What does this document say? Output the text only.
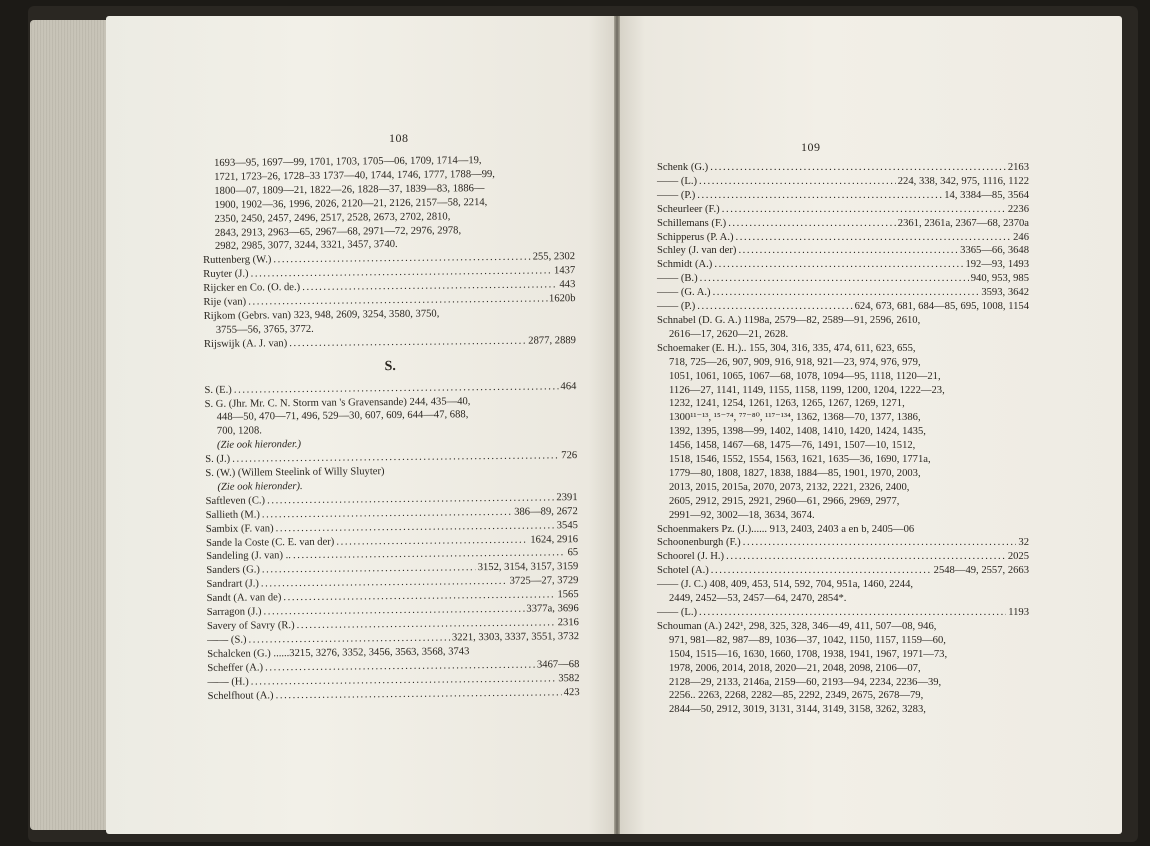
108
1693—95, 1697—99, 1701, 1703, 1705—06, 1709, 1714—19,
1721, 1723–26, 1728–33 1737—40, 1744, 1746, 1777, 1788—99,
1800—07, 1809—21, 1822—26, 1828—37, 1839—83, 1886—
1900, 1902—36, 1996, 2026, 2120—21, 2126, 2157—58, 2214,
2350, 2450, 2457, 2496, 2517, 2528, 2673, 2702, 2810,
2843, 2913, 2963—65, 2967—68, 2971—72, 2976, 2978,
2982, 2985, 3077, 3244, 3321, 3457, 3740.
Ruttenberg (W.) .....	255, 2302
Ruyter (J.) .....	1437
Rijcker en Co. (O. de.) .....	443
Rije (van) .....	1620b
Rijkom (Gebrs. van) 323, 948, 2609, 3254, 3580, 3750,
3755—56, 3765, 3772.
Rijswijk (A. J. van) .....	2877, 2889
S.
S. (E.) .....	464
S. G. (Jhr. Mr. C. N. Storm van 's Gravensande) 244, 435—40,
448—50, 470—71, 496, 529—30, 607, 609, 644—47, 688,
700, 1208.
(Zie ook hieronder.)
S. (J.) .....	726
S. (W.) (Willem Steelink of Willy Sluyter)
(Zie ook hieronder).
Saftleven (C.) .....	2391
Sallieth (M.) .....	386—89, 2672
Sambix (F. van) .....	3545
Sande la Coste (C. E. van der) .....	1624, 2916
Sandeling (J. van) .. .....	65
Sanders (G.) .....	3152, 3154, 3157, 3159
Sandrart (J.) .....	3725—27, 3729
Sandt (A. van de) .....	1565
Sarragon (J.) .....	3377a, 3696
Savery of Savry (R.) .....	2316
—— (S.) .....	3221, 3303, 3337, 3551, 3732
Schalcken (G.) ......3215, 3276, 3352, 3456, 3563, 3568, 3743
Scheffer (A.) .....	3467—68
—— (H.) .....	3582
Schelfhout (A.) .....	423
109
Schenk (G.) .....	2163
—— (L.) .....	224, 338, 342, 975, 1116, 1122
—— (P.) .....	14, 3384—85, 3564
Scheurleer (F.) .....	2236
Schillemans (F.) .....	2361, 2361a, 2367—68, 2370a
Schipperus (P. A.) .....	246
Schley (J. van der) .....	3365—66, 3648
Schmidt (A.) .....	192—93, 1493
—— (B.) .....	940, 953, 985
—— (G. A.) .....	3593, 3642
—— (P.) .....	624, 673, 681, 684—85, 695, 1008, 1154
Schnabel (D. G. A.) 1198a, 2579—82, 2589—91, 2596, 2610,
2616—17, 2620—21, 2628.
Schoemaker (E. H.).. 155, 304, 316, 335, 474, 611, 623, 655,
718, 725—26, 907, 909, 916, 918, 921—23, 974, 976, 979,
1051, 1061, 1065, 1067—68, 1078, 1094—95, 1118, 1120—21,
1126—27, 1141, 1149, 1155, 1158, 1199, 1200, 1204, 1222—23,
1232, 1241, 1254, 1261, 1263, 1265, 1267, 1269, 1271,
1300¹¹⁻¹³, ¹⁵⁻⁷⁴, ⁷⁷⁻⁸⁰, ¹¹⁷⁻¹³⁴, 1362, 1368—70, 1377, 1386,
1392, 1395, 1398—99, 1402, 1408, 1410, 1420, 1424, 1435,
1456, 1458, 1467—68, 1475—76, 1491, 1507—10, 1512,
1518, 1546, 1552, 1554, 1563, 1621, 1635—36, 1690, 1771a,
1779—80, 1808, 1827, 1838, 1884—85, 1901, 1970, 2003,
2013, 2015, 2015a, 2070, 2073, 2132, 2221, 2326, 2400,
2605, 2912, 2915, 2921, 2960—61, 2966, 2969, 2977,
2991—92, 3002—18, 3634, 3674.
Schoenmakers Pz. (J.)...... 913, 2403, 2403 a en b, 2405—06
Schoonenburgh (F.) .....	32
Schoorel (J. H.) .....	2025
Schotel (A.) .....	2548—49, 2557, 2663
—— (J. C.) 408, 409, 453, 514, 592, 704, 951a, 1460, 2244,
2449, 2452—53, 2457—64, 2470, 2854*.
—— (L.) .....	1193
Schouman (A.) 242¹, 298, 325, 328, 346—49, 411, 507—08, 946,
971, 981—82, 987—89, 1036—37, 1042, 1150, 1157, 1159—60,
1504, 1515—16, 1630, 1660, 1708, 1938, 1941, 1967, 1971—73,
1978, 2006, 2014, 2018, 2020—21, 2048, 2098, 2106—07,
2128—29, 2133, 2146a, 2159—60, 2193—94, 2234, 2236—39,
2256.. 2263, 2268, 2282—85, 2292, 2349, 2675, 2678—79,
2844—50, 2912, 3019, 3131, 3144, 3149, 3158, 3262, 3283,
